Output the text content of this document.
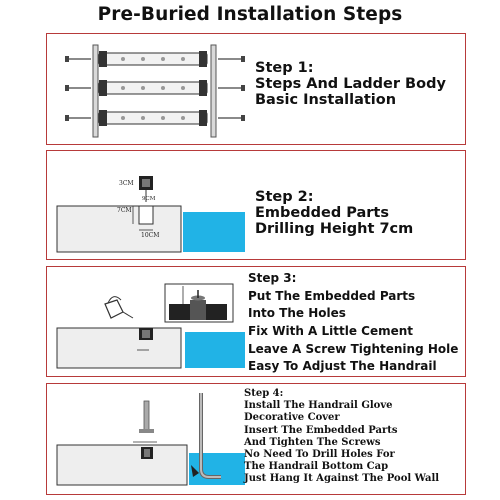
Pre-Buried Installation Steps
Step 1:
Steps And Ladder Body
Basic Installation
3CM
9CM
7CM
10CM
Step 2:
Embedded Parts
Drilling Height 7cm
Step 3:
Put The Embedded Parts
Into The Holes
Fix With A Little Cement
Leave A Screw Tightening Hole
Easy To Adjust The Handrail
Step 4:
Install The Handrail Glove
Decorative Cover
Insert The Embedded Parts
And Tighten The Screws
No Need To Drill Holes For
The Handrail Bottom Cap
Just Hang It Against The Pool Wall
